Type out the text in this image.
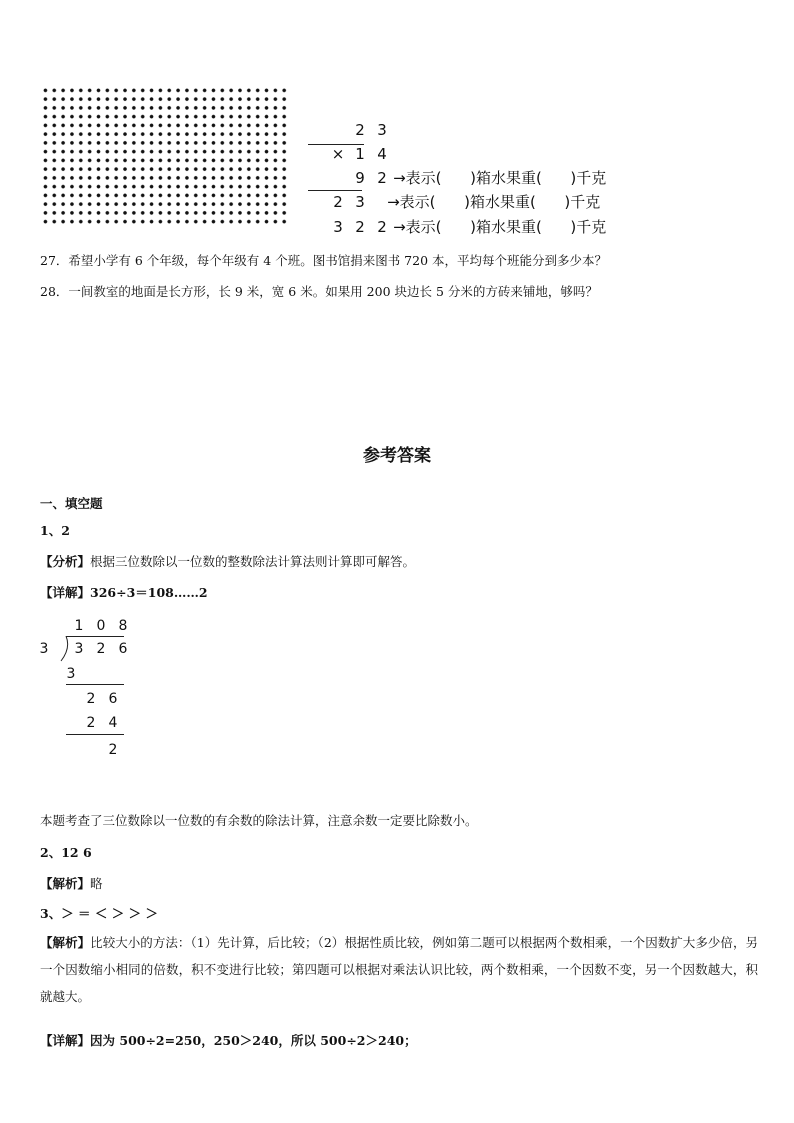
2 3

× 1 4

9 2 →表示(      )箱水果重(      )千克

2 3 →表示(      )箱水果重(      )千克

3 2 2 →表示(      )箱水果重(      )千克

27．希望小学有 6 个年级，每个年级有 4 个班。图书馆捐来图书 720 本，平均每个班能分到多少本？
28．一间教室的地面是长方形，长 9 米，宽 6 米。如果用 200 块边长 5 分米的方砖来铺地，够吗？
参考答案
一、填空题
1、2
【分析】根据三位数除以一位数的整数除法计算法则计算即可解答。
【详解】326÷3＝108……2
1 0 8
3	3 2 6
3
2 6
2 4
2
本题考查了三位数除以一位数的有余数的除法计算，注意余数一定要比除数小。
2、12 6
【解析】略
3、＞ ＝ ＜ ＞ ＞ ＞
【解析】比较大小的方法：（1）先计算，后比较；（2）根据性质比较，例如第二题可以根据两个数相乘，一个因数扩大多少倍，另一个因数缩小相同的倍数，积不变进行比较；第四题可以根据对乘法认识比较，两个数相乘，一个因数不变，另一个因数越大，积就越大。
【详解】因为 500÷2=250，250＞240，所以 500÷2＞240；
